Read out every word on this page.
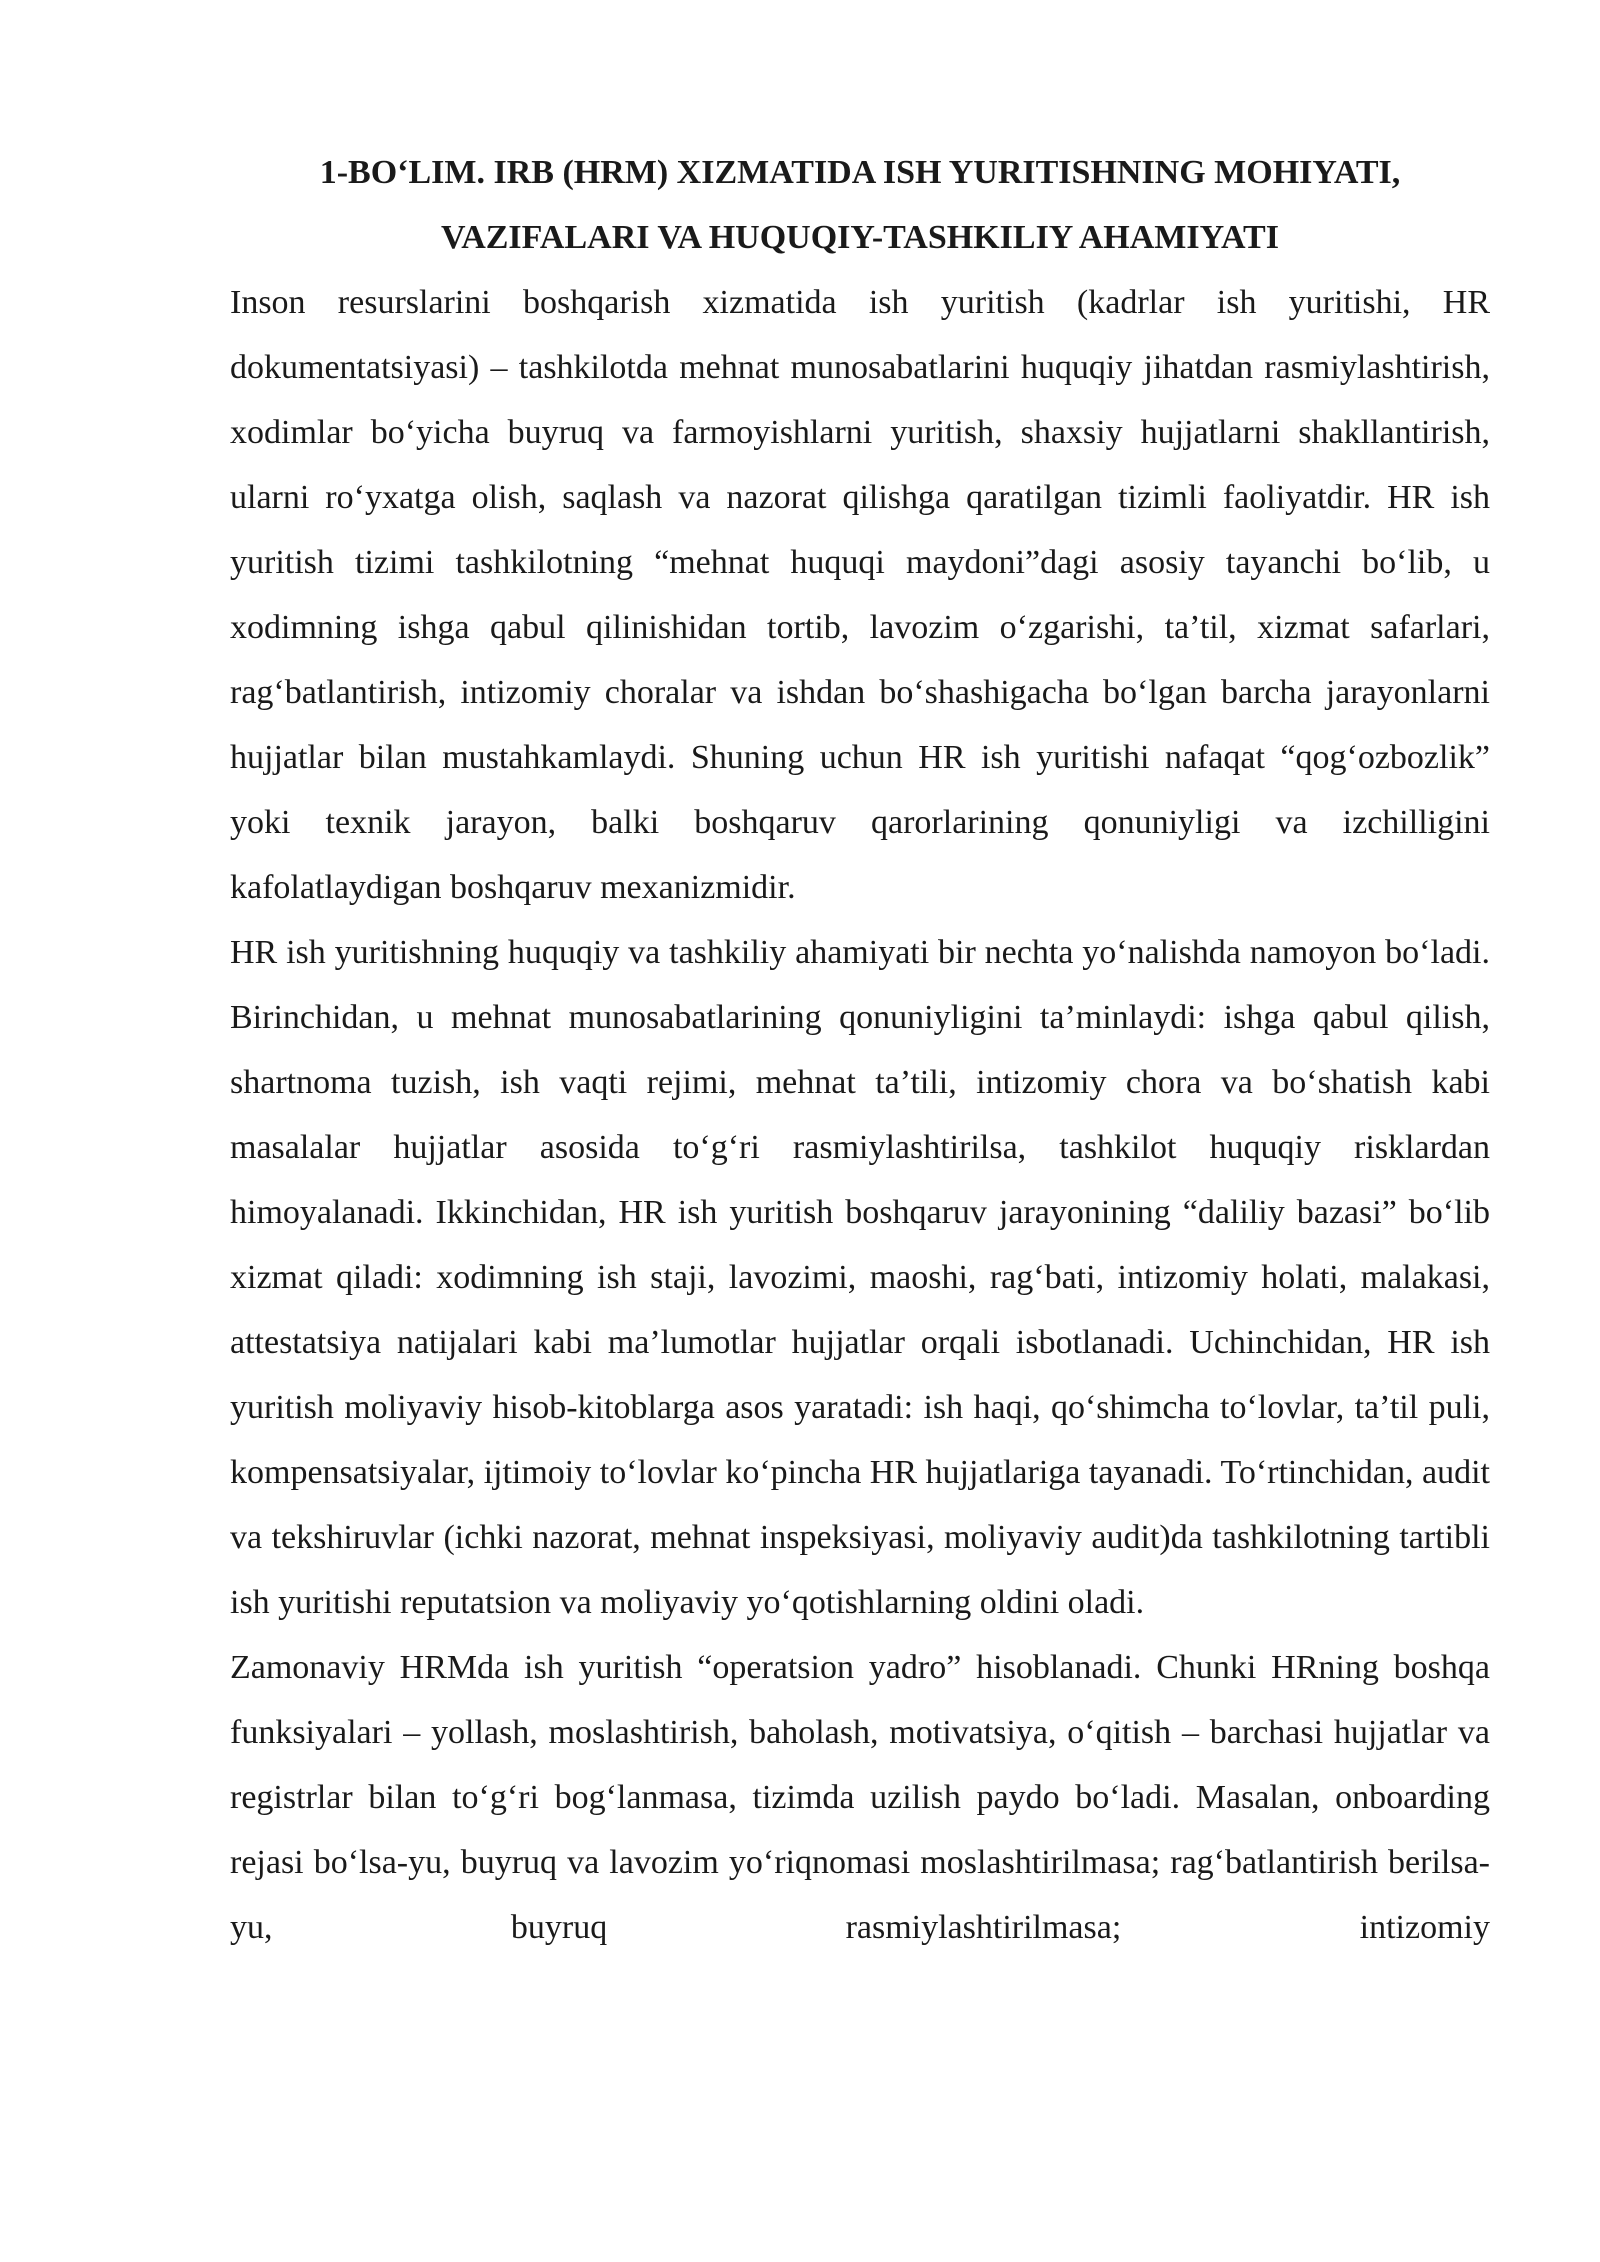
1-BO‘LIM. IRB (HRM) XIZMATIDA ISH YURITISHNING MOHIYATI,
VAZIFALARI VA HUQUQIY-TASHKILIY AHAMIYATI

Inson resurslarini boshqarish xizmatida ish yuritish (kadrlar ish yuritishi, HR dokumentatsiyasi) – tashkilotda mehnat munosabatlarini huquqiy jihatdan rasmiylashtirish, xodimlar bo‘yicha buyruq va farmoyishlarni yuritish, shaxsiy hujjatlarni shakllantirish, ularni ro‘yxatga olish, saqlash va nazorat qilishga qaratilgan tizimli faoliyatdir. HR ish yuritish tizimi tashkilotning “mehnat huquqi maydoni”dagi asosiy tayanchi bo‘lib, u xodimning ishga qabul qilinishidan tortib, lavozim o‘zgarishi, ta’til, xizmat safarlari, rag‘batlantirish, intizomiy choralar va ishdan bo‘shashigacha bo‘lgan barcha jarayonlarni hujjatlar bilan mustahkamlaydi. Shuning uchun HR ish yuritishi nafaqat “qog‘ozbozlik” yoki texnik jarayon, balki boshqaruv qarorlarining qonuniyligi va izchilligini kafolatlaydigan boshqaruv mexanizmidir.

HR ish yuritishning huquqiy va tashkiliy ahamiyati bir nechta yo‘nalishda namoyon bo‘ladi. Birinchidan, u mehnat munosabatlarining qonuniyligini ta’minlaydi: ishga qabul qilish, shartnoma tuzish, ish vaqti rejimi, mehnat ta’tili, intizomiy chora va bo‘shatish kabi masalalar hujjatlar asosida to‘g‘ri rasmiylashtirilsa, tashkilot huquqiy risklardan himoyalanadi. Ikkinchidan, HR ish yuritish boshqaruv jarayonining “daliliy bazasi” bo‘lib xizmat qiladi: xodimning ish staji, lavozimi, maoshi, rag‘bati, intizomiy holati, malakasi, attestatsiya natijalari kabi ma’lumotlar hujjatlar orqali isbotlanadi. Uchinchidan, HR ish yuritish moliyaviy hisob-kitoblarga asos yaratadi: ish haqi, qo‘shimcha to‘lovlar, ta’til puli, kompensatsiyalar, ijtimoiy to‘lovlar ko‘pincha HR hujjatlariga tayanadi. To‘rtinchidan, audit va tekshiruvlar (ichki nazorat, mehnat inspeksiyasi, moliyaviy audit)da tashkilotning tartibli ish yuritishi reputatsion va moliyaviy yo‘qotishlarning oldini oladi.

Zamonaviy HRMda ish yuritish “operatsion yadro” hisoblanadi. Chunki HRning boshqa funksiyalari – yollash, moslashtirish, baholash, motivatsiya, o‘qitish – barchasi hujjatlar va registrlar bilan to‘g‘ri bog‘lanmasa, tizimda uzilish paydo bo‘ladi. Masalan, onboarding rejasi bo‘lsa-yu, buyruq va lavozim yo‘riqnomasi moslashtirilmasa; rag‘batlantirish berilsa-yu, buyruq rasmiylashtirilmasa; intizomiy
